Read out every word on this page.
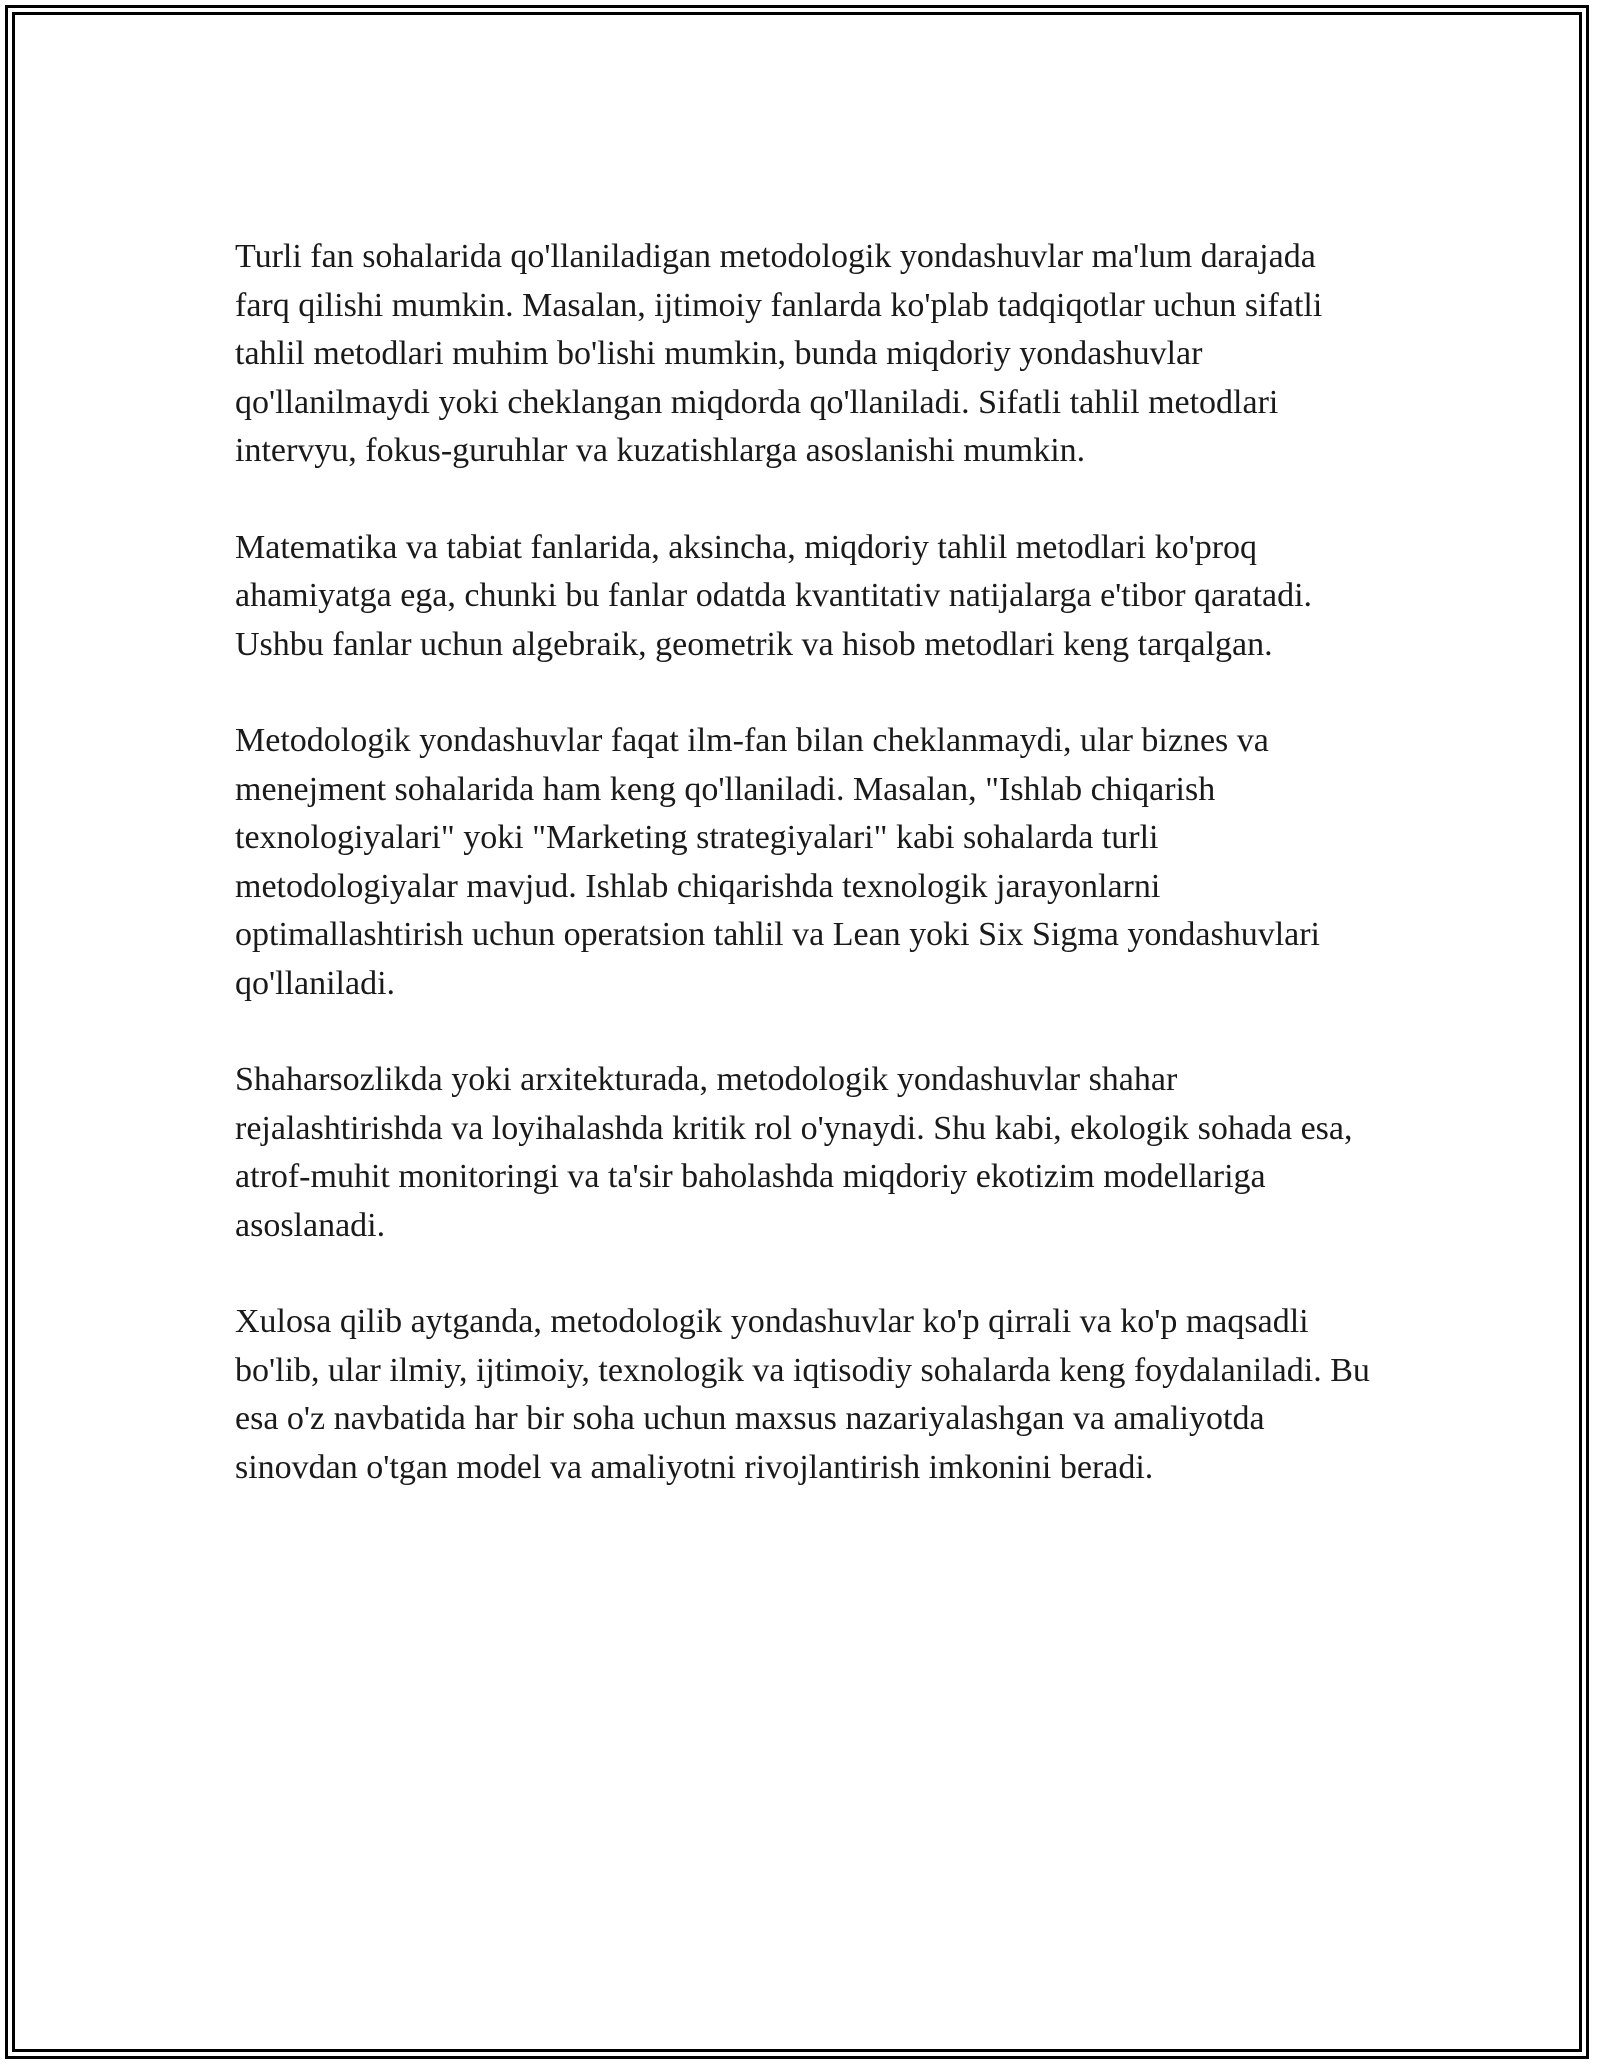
Turli fan sohalarida qo'llaniladigan metodologik yondashuvlar ma'lum darajada farq qilishi mumkin. Masalan, ijtimoiy fanlarda ko'plab tadqiqotlar uchun sifatli tahlil metodlari muhim bo'lishi mumkin, bunda miqdoriy yondashuvlar qo'llanilmaydi yoki cheklangan miqdorda qo'llaniladi. Sifatli tahlil metodlari intervyu, fokus-guruhlar va kuzatishlarga asoslanishi mumkin.

Matematika va tabiat fanlarida, aksincha, miqdoriy tahlil metodlari ko'proq ahamiyatga ega, chunki bu fanlar odatda kvantitativ natijalarga e'tibor qaratadi. Ushbu fanlar uchun algebraik, geometrik va hisob metodlari keng tarqalgan.

Metodologik yondashuvlar faqat ilm-fan bilan cheklanmaydi, ular biznes va menejment sohalarida ham keng qo'llaniladi. Masalan, "Ishlab chiqarish texnologiyalari" yoki "Marketing strategiyalari" kabi sohalarda turli metodologiyalar mavjud. Ishlab chiqarishda texnologik jarayonlarni optimallashtirish uchun operatsion tahlil va Lean yoki Six Sigma yondashuvlari qo'llaniladi.

Shaharsozlikda yoki arxitekturada, metodologik yondashuvlar shahar rejalashtirishda va loyihalashda kritik rol o'ynaydi. Shu kabi, ekologik sohada esa, atrof-muhit monitoringi va ta'sir baholashda miqdoriy ekotizim modellariga asoslanadi.

Xulosa qilib aytganda, metodologik yondashuvlar ko'p qirrali va ko'p maqsadli bo'lib, ular ilmiy, ijtimoiy, texnologik va iqtisodiy sohalarda keng foydalaniladi. Bu esa o'z navbatida har bir soha uchun maxsus nazariyalashgan va amaliyotda sinovdan o'tgan model va amaliyotni rivojlantirish imkonini beradi.
